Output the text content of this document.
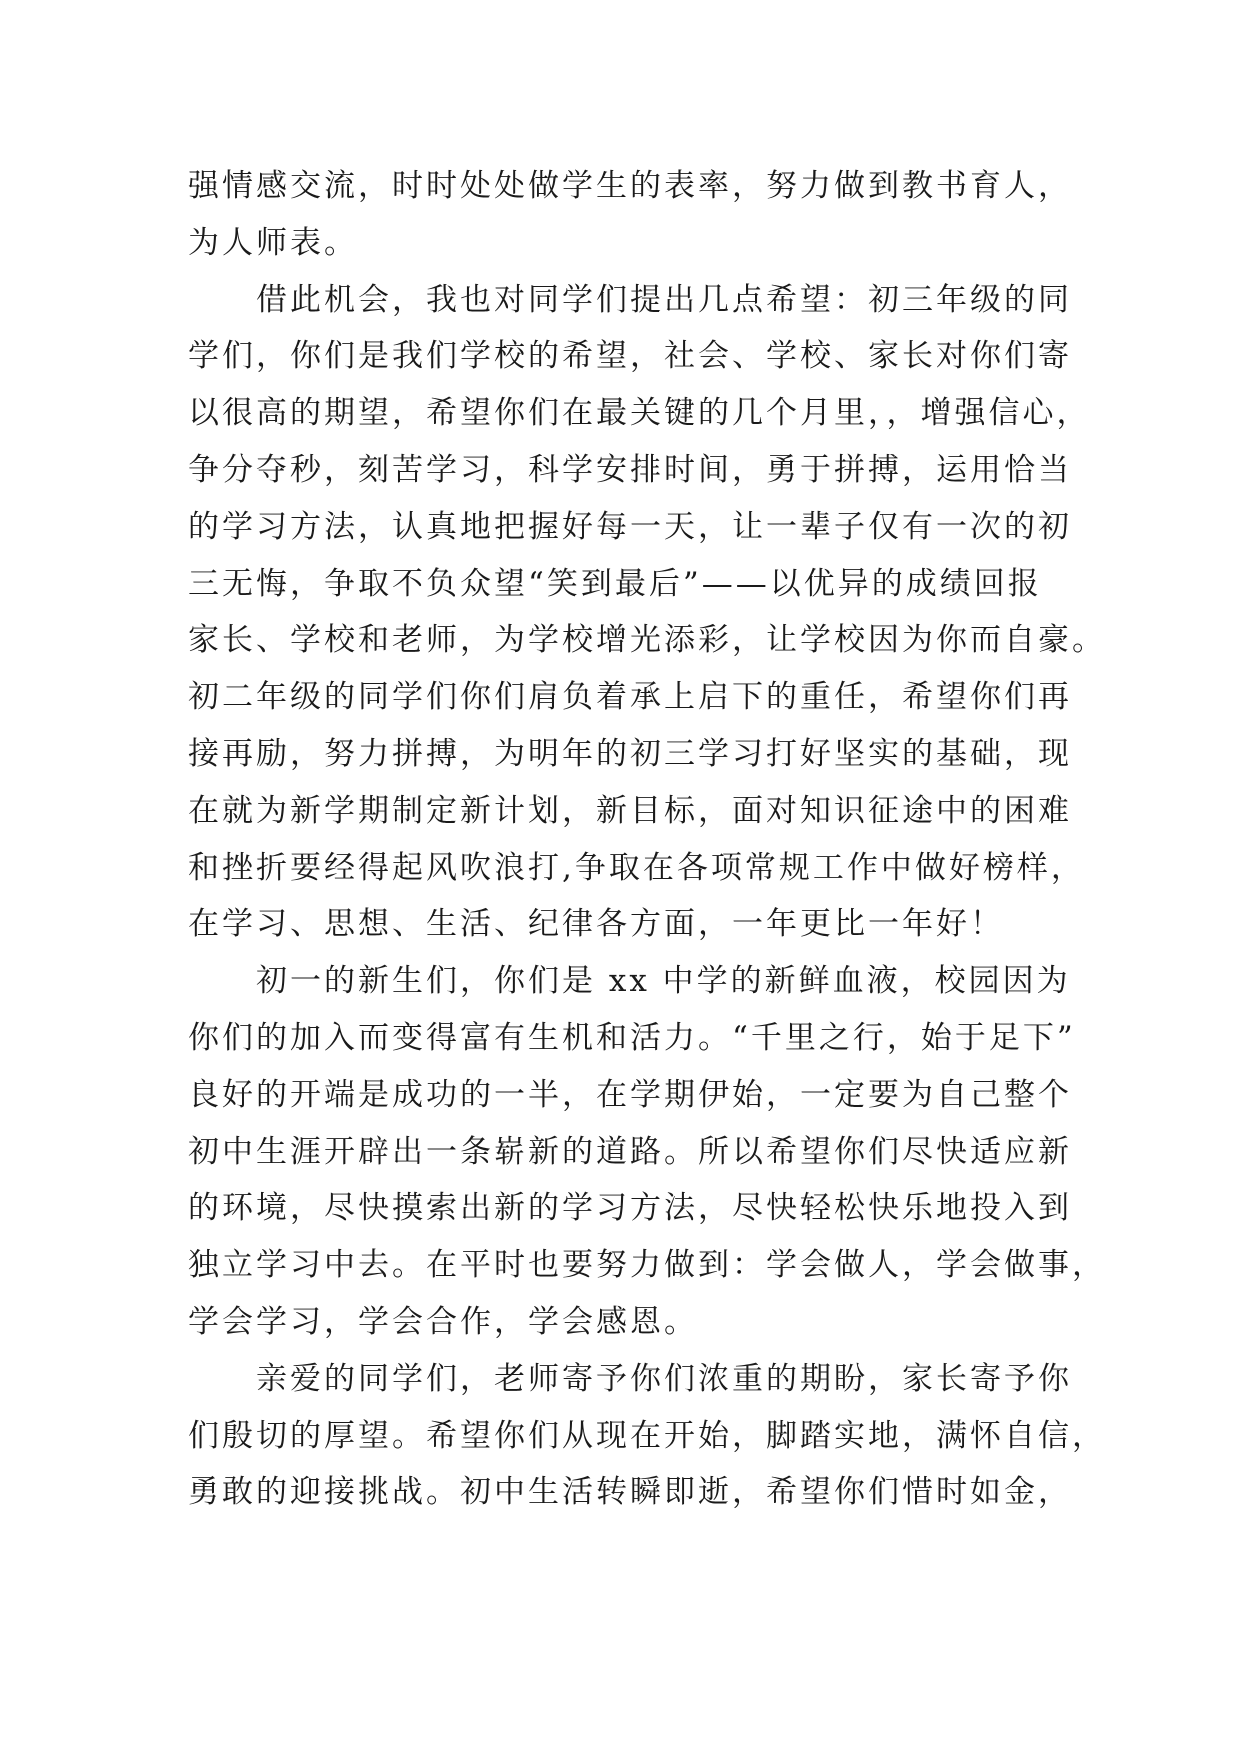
强情感交流，时时处处做学生的表率，努力做到教书育人，
为人师表。
　　借此机会，我也对同学们提出几点希望：初三年级的同
学们，你们是我们学校的希望，社会、学校、家长对你们寄
以很高的期望，希望你们在最关键的几个月里，，增强信心，
争分夺秒，刻苦学习，科学安排时间，勇于拼搏，运用恰当
的学习方法，认真地把握好每一天，让一辈子仅有一次的初
三无悔，争取不负众望“笑到最后”——以优异的成绩回报
家长、学校和老师，为学校增光添彩，让学校因为你而自豪。
初二年级的同学们你们肩负着承上启下的重任，希望你们再
接再励，努力拼搏，为明年的初三学习打好坚实的基础，现
在就为新学期制定新计划，新目标，面对知识征途中的困难
和挫折要经得起风吹浪打,争取在各项常规工作中做好榜样，
在学习、思想、生活、纪律各方面，一年更比一年好！
　　初一的新生们，你们是 xx 中学的新鲜血液，校园因为
你们的加入而变得富有生机和活力。“千里之行，始于足下”
良好的开端是成功的一半，在学期伊始，一定要为自己整个
初中生涯开辟出一条崭新的道路。所以希望你们尽快适应新
的环境，尽快摸索出新的学习方法，尽快轻松快乐地投入到
独立学习中去。在平时也要努力做到：学会做人，学会做事，
学会学习，学会合作，学会感恩。
　　亲爱的同学们，老师寄予你们浓重的期盼，家长寄予你
们殷切的厚望。希望你们从现在开始，脚踏实地，满怀自信，
勇敢的迎接挑战。初中生活转瞬即逝，希望你们惜时如金，
